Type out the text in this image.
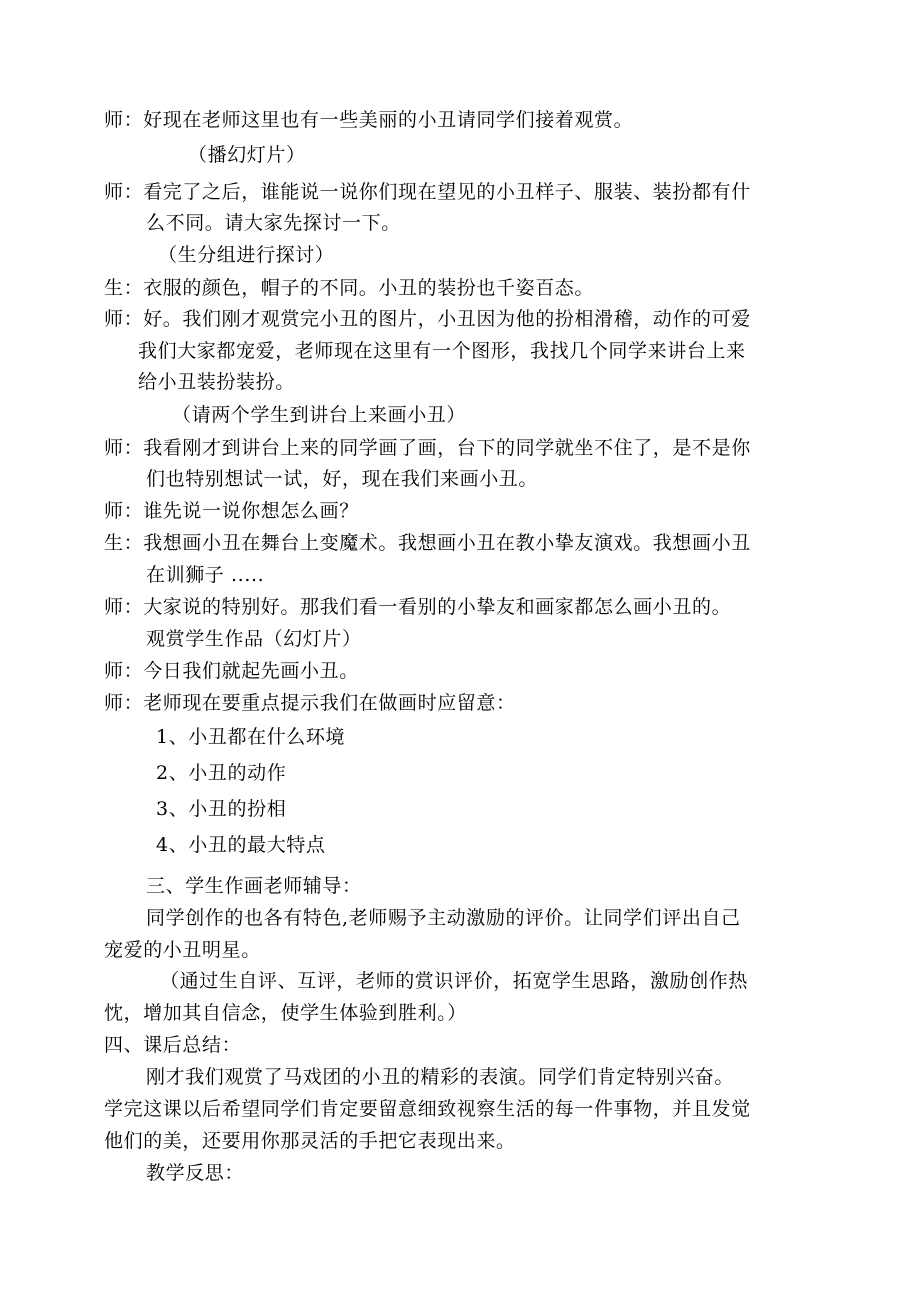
师：好现在老师这里也有一些美丽的小丑请同学们接着观赏。
（播幻灯片）
师：看完了之后，谁能说一说你们现在望见的小丑样子、服装、装扮都有什
么不同。请大家先探讨一下。
（生分组进行探讨）
生：衣服的颜色，帽子的不同。小丑的装扮也千姿百态。
师：好。我们刚才观赏完小丑的图片，小丑因为他的扮相滑稽，动作的可爱
我们大家都宠爱，老师现在这里有一个图形，我找几个同学来讲台上来
给小丑装扮装扮。
（请两个学生到讲台上来画小丑）
师：我看刚才到讲台上来的同学画了画，台下的同学就坐不住了，是不是你
们也特别想试一试，好，现在我们来画小丑。
师：谁先说一说你想怎么画？
生：我想画小丑在舞台上变魔术。我想画小丑在教小挚友演戏。我想画小丑
在训狮子 .....
师：大家说的特别好。那我们看一看别的小挚友和画家都怎么画小丑的。
观赏学生作品（幻灯片）
师：今日我们就起先画小丑。
师：老师现在要重点提示我们在做画时应留意：
1、小丑都在什么环境
2、小丑的动作
3、小丑的扮相
4、小丑的最大特点
三、学生作画老师辅导：
同学创作的也各有特色,老师赐予主动激励的评价。让同学们评出自己
宠爱的小丑明星。
（通过生自评、互评，老师的赏识评价，拓宽学生思路，激励创作热
忱，增加其自信念，使学生体验到胜利。）
四、课后总结：
刚才我们观赏了马戏团的小丑的精彩的表演。同学们肯定特别兴奋。
学完这课以后希望同学们肯定要留意细致视察生活的每一件事物，并且发觉
他们的美，还要用你那灵活的手把它表现出来。
教学反思：
